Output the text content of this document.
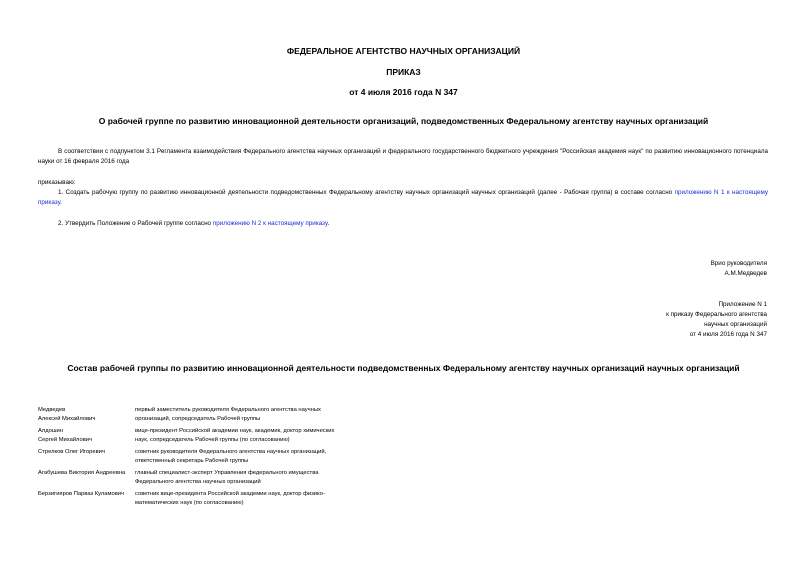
ФЕДЕРАЛЬНОЕ АГЕНТСТВО НАУЧНЫХ ОРГАНИЗАЦИЙ
ПРИКАЗ
от 4 июля 2016 года N 347
О рабочей группе по развитию инновационной деятельности организаций, подведомственных Федеральному агентству научных организаций
В соответствии с подпунктом 3.1 Регламента взаимодействия Федерального агентства научных организаций и федерального государственного бюджетного учреждения "Российская академия наук" по развитию инновационного потенциала науки от 16 февраля 2016 года
приказываю:
1. Создать рабочую группу по развитию инновационной деятельности подведомственных Федеральному агентству научных организаций научных организаций (далее - Рабочая группа) в составе согласно приложению N 1 к настоящему приказу.
2. Утвердить Положение о Рабочей группе согласно приложению N 2 к настоящему приказу.
Врио руководителя
А.М.Медведев
Приложение N 1
к приказу Федерального агентства
научных организаций
от 4 июля 2016 года N 347
Состав рабочей группы по развитию инновационной деятельности подведомственных Федеральному агентству научных организаций научных организаций
Медведев
Алексей Михайлович	первый заместитель руководителя Федерального агентства научных организаций, сопредседатель Рабочей группы
Алдошин
Сергей Михайлович	вице-президент Российской академии наук, академик, доктор химических наук, сопредседатель Рабочей группы (по согласованию)
Стрелков Олег Игоревич	советник руководителя Федерального агентства научных организаций, ответственный секретарь Рабочей группы
Агабушева Виктория Андреевна	главный специалист-эксперт Управления федерального имущества Федерального агентства научных организаций
Берзигияров Парваз Куламович	советник вице-президента Российской академии наук, доктор физико-математических наук (по согласованию)
